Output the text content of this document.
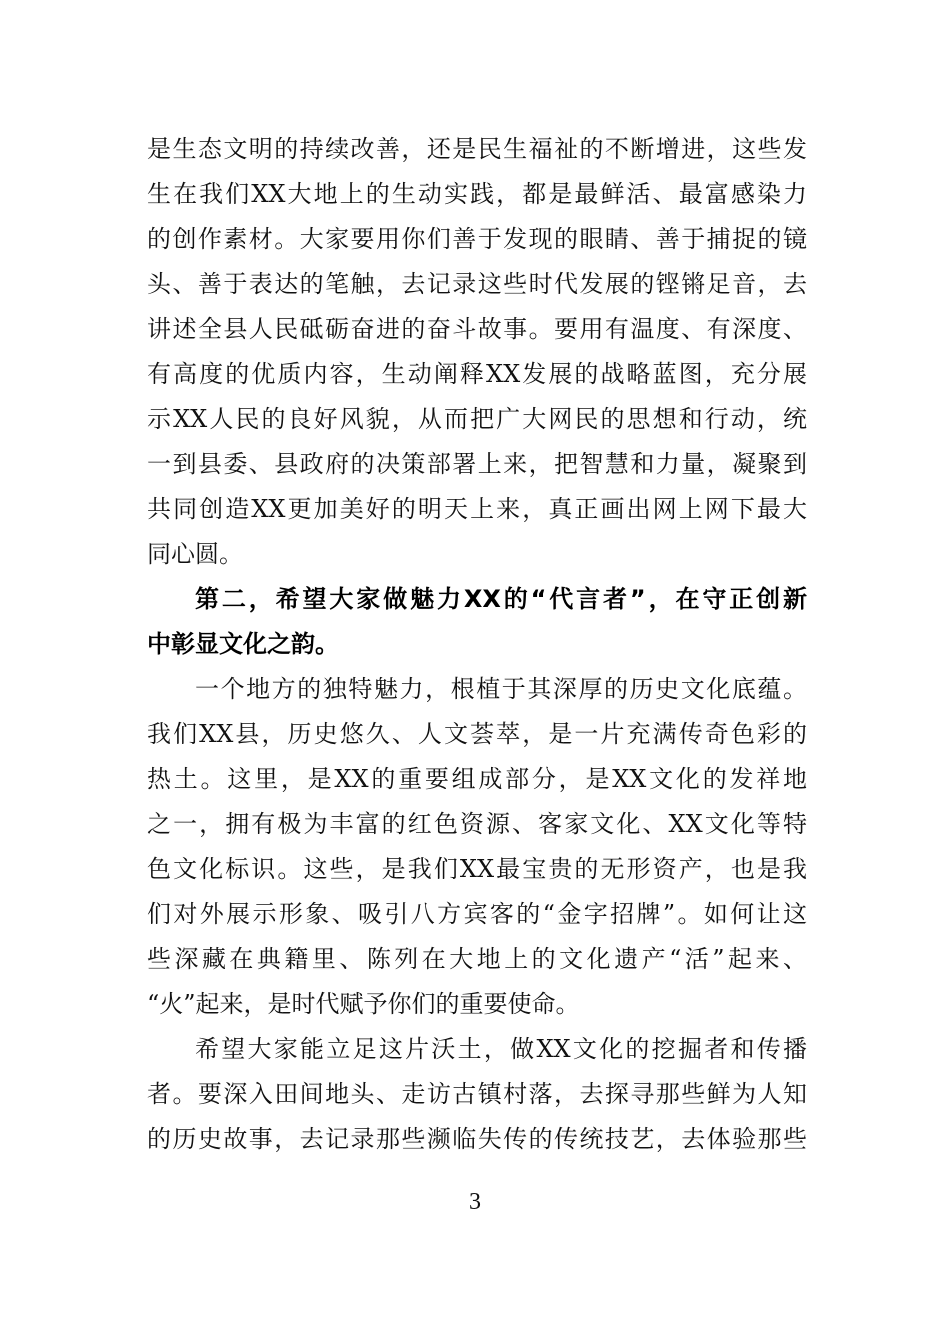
是生态文明的持续改善，还是民生福祉的不断增进，这些发
生在我们XX大地上的生动实践，都是最鲜活、最富感染力
的创作素材。大家要用你们善于发现的眼睛、善于捕捉的镜
头、善于表达的笔触，去记录这些时代发展的铿锵足音，去
讲述全县人民砥砺奋进的奋斗故事。要用有温度、有深度、
有高度的优质内容，生动阐释XX发展的战略蓝图，充分展
示XX人民的良好风貌，从而把广大网民的思想和行动，统
一到县委、县政府的决策部署上来，把智慧和力量，凝聚到
共同创造XX更加美好的明天上来，真正画出网上网下最大
同心圆。
第二，希望大家做魅力XX的“代言者”，在守正创新
中彰显文化之韵。
一个地方的独特魅力，根植于其深厚的历史文化底蕴。
我们XX县，历史悠久、人文荟萃，是一片充满传奇色彩的
热土。这里，是XX的重要组成部分，是XX文化的发祥地
之一，拥有极为丰富的红色资源、客家文化、XX文化等特
色文化标识。这些，是我们XX最宝贵的无形资产，也是我
们对外展示形象、吸引八方宾客的“金字招牌”。如何让这
些深藏在典籍里、陈列在大地上的文化遗产“活”起来、
“火”起来，是时代赋予你们的重要使命。
希望大家能立足这片沃土，做XX文化的挖掘者和传播
者。要深入田间地头、走访古镇村落，去探寻那些鲜为人知
的历史故事，去记录那些濒临失传的传统技艺，去体验那些
3
